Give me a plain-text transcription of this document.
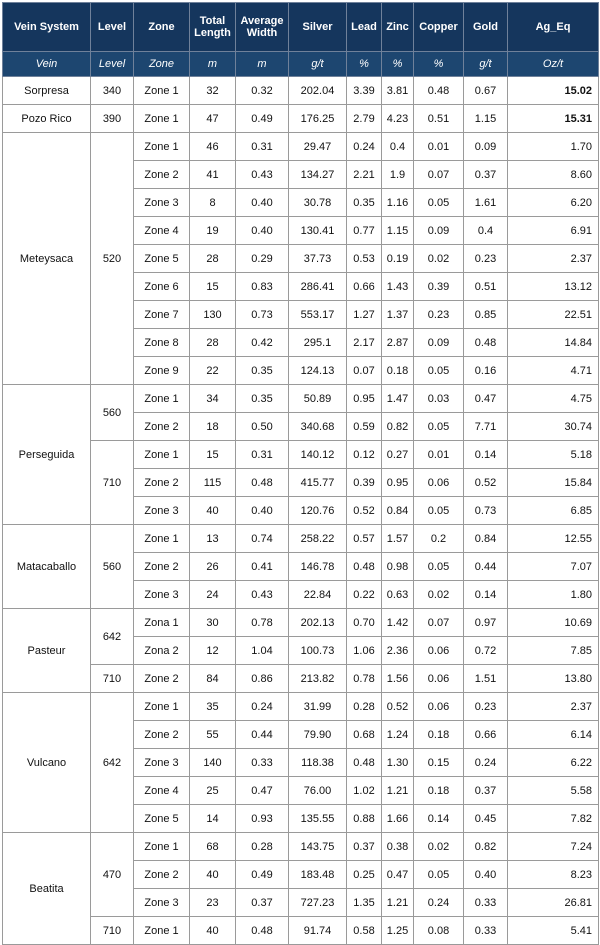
Vein System	Level	Zone	Total Length	Average Width	Silver	Lead	Zinc	Copper	Gold	Ag_Eq
Vein	Level	Zone	m	m	g/t	%	%	%	g/t	Oz/t
Sorpresa	340	Zone 1	32	0.32	202.04	3.39	3.81	0.48	0.67	15.02
Pozo Rico	390	Zone 1	47	0.49	176.25	2.79	4.23	0.51	1.15	15.31
Meteysaca	520	Zone 1	46	0.31	29.47	0.24	0.4	0.01	0.09	1.70
		Zone 2	41	0.43	134.27	2.21	1.9	0.07	0.37	8.60
		Zone 3	8	0.40	30.78	0.35	1.16	0.05	1.61	6.20
		Zone 4	19	0.40	130.41	0.77	1.15	0.09	0.4	6.91
		Zone 5	28	0.29	37.73	0.53	0.19	0.02	0.23	2.37
		Zone 6	15	0.83	286.41	0.66	1.43	0.39	0.51	13.12
		Zone 7	130	0.73	553.17	1.27	1.37	0.23	0.85	22.51
		Zone 8	28	0.42	295.1	2.17	2.87	0.09	0.48	14.84
		Zone 9	22	0.35	124.13	0.07	0.18	0.05	0.16	4.71
Perseguida	560	Zone 1	34	0.35	50.89	0.95	1.47	0.03	0.47	4.75
		Zone 2	18	0.50	340.68	0.59	0.82	0.05	7.71	30.74
	710	Zone 1	15	0.31	140.12	0.12	0.27	0.01	0.14	5.18
		Zone 2	115	0.48	415.77	0.39	0.95	0.06	0.52	15.84
		Zone 3	40	0.40	120.76	0.52	0.84	0.05	0.73	6.85
Matacaballo	560	Zone 1	13	0.74	258.22	0.57	1.57	0.2	0.84	12.55
		Zone 2	26	0.41	146.78	0.48	0.98	0.05	0.44	7.07
		Zone 3	24	0.43	22.84	0.22	0.63	0.02	0.14	1.80
Pasteur	642	Zona 1	30	0.78	202.13	0.70	1.42	0.07	0.97	10.69
		Zona 2	12	1.04	100.73	1.06	2.36	0.06	0.72	7.85
	710	Zone 2	84	0.86	213.82	0.78	1.56	0.06	1.51	13.80
Vulcano	642	Zone 1	35	0.24	31.99	0.28	0.52	0.06	0.23	2.37
		Zone 2	55	0.44	79.90	0.68	1.24	0.18	0.66	6.14
		Zone 3	140	0.33	118.38	0.48	1.30	0.15	0.24	6.22
		Zone 4	25	0.47	76.00	1.02	1.21	0.18	0.37	5.58
		Zone 5	14	0.93	135.55	0.88	1.66	0.14	0.45	7.82
Beatita	470	Zone 1	68	0.28	143.75	0.37	0.38	0.02	0.82	7.24
		Zone 2	40	0.49	183.48	0.25	0.47	0.05	0.40	8.23
		Zone 3	23	0.37	727.23	1.35	1.21	0.24	0.33	26.81
	710	Zone 1	40	0.48	91.74	0.58	1.25	0.08	0.33	5.41
